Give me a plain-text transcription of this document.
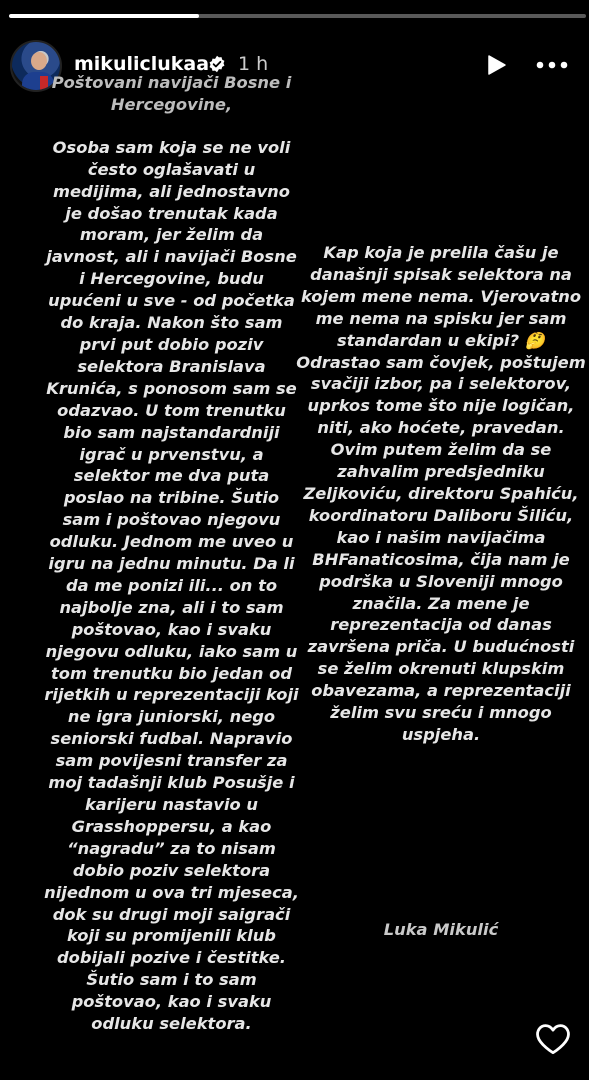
mikuliclukaa 1 h
Poštovani navijači Bosne i Hercegovine,
Osoba sam koja se ne voli često oglašavati u medijima, ali jednostavno je došao trenutak kada moram, jer želim da javnost, ali i navijači Bosne i Hercegovine, budu upućeni u sve - od početka do kraja. Nakon što sam prvi put dobio poziv selektora Branislava Krunića, s ponosom sam se odazvao. U tom trenutku bio sam najstandardniji igrač u prvenstvu, a selektor me dva puta poslao na tribine. Šutio sam i poštovao njegovu odluku. Jednom me uveo u igru na jednu minutu. Da li da me ponizi ili... on to najbolje zna, ali i to sam poštovao, kao i svaku njegovu odluku, iako sam u tom trenutku bio jedan od rijetkih u reprezentaciji koji ne igra juniorski, nego seniorski fudbal. Napravio sam povijesni transfer za moj tadašnji klub Posušje i karijeru nastavio u Grasshoppersu, a kao “nagradu” za to nisam dobio poziv selektora nijednom u ova tri mjeseca, dok su drugi moji saigrači koji su promijenili klub dobijali pozive i čestitke. Šutio sam i to sam poštovao, kao i svaku odluku selektora.
Kap koja je prelila čašu je današnji spisak selektora na kojem mene nema. Vjerovatno me nema na spisku jer sam standardan u ekipi? 🤔 Odrastao sam čovjek, poštujem svačiji izbor, pa i selektorov, uprkos tome što nije logičan, niti, ako hoćete, pravedan. Ovim putem želim da se zahvalim predsjedniku Zeljkoviću, direktoru Spahiću, koordinatoru Daliboru Šiliću, kao i našim navijačima BHFanaticosima, čija nam je podrška u Sloveniji mnogo značila. Za mene je reprezentacija od danas završena priča. U budućnosti se želim okrenuti klupskim obavezama, a reprezentaciji želim svu sreću i mnogo uspjeha.
Luka Mikulić
